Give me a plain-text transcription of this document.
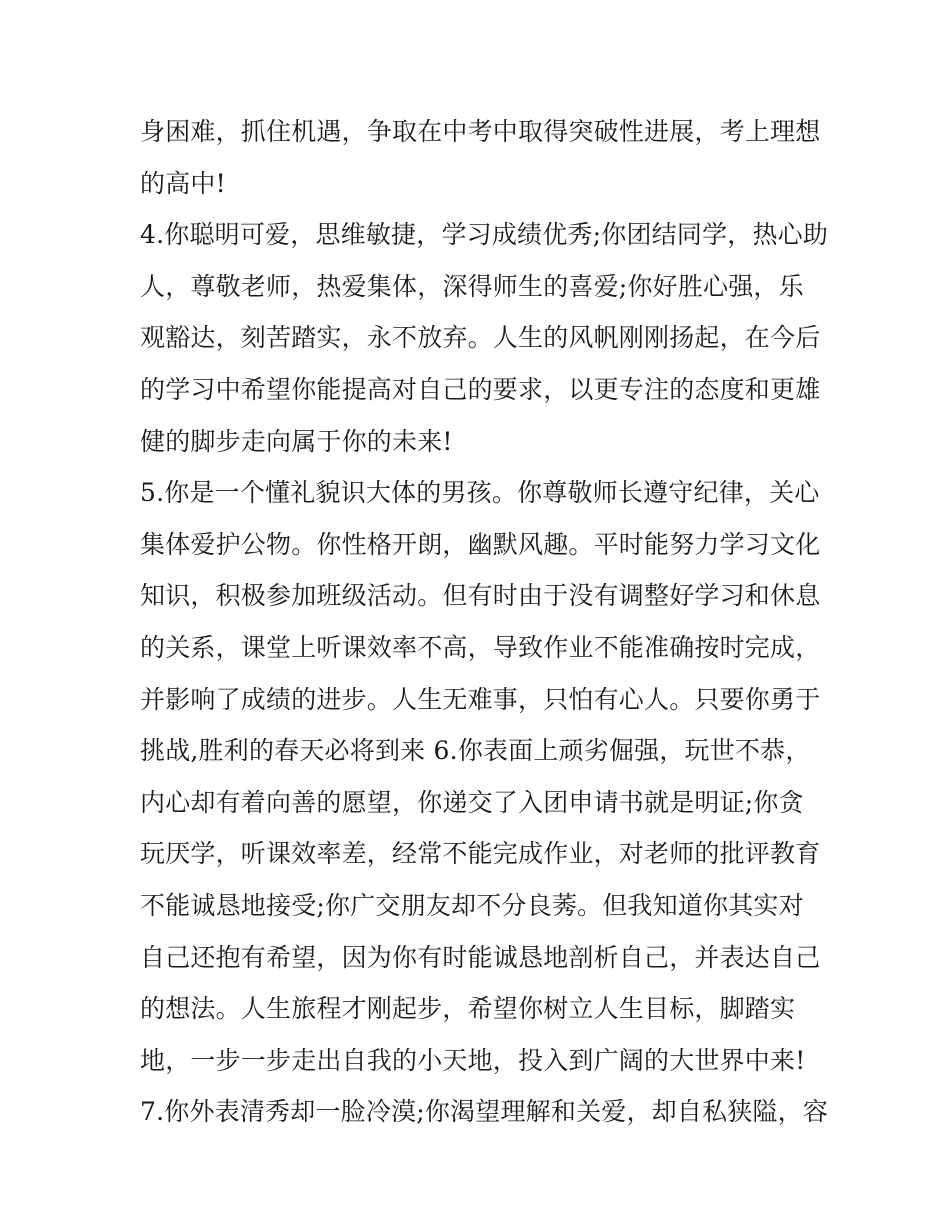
身困难，抓住机遇，争取在中考中取得突破性进展，考上理想
的高中!
4.你聪明可爱，思维敏捷，学习成绩优秀;你团结同学，热心助
人，尊敬老师，热爱集体，深得师生的喜爱;你好胜心强，乐
观豁达，刻苦踏实，永不放弃。人生的风帆刚刚扬起，在今后
的学习中希望你能提高对自己的要求，以更专注的态度和更雄
健的脚步走向属于你的未来!
5.你是一个懂礼貌识大体的男孩。你尊敬师长遵守纪律，关心
集体爱护公物。你性格开朗，幽默风趣。平时能努力学习文化
知识，积极参加班级活动。但有时由于没有调整好学习和休息
的关系，课堂上听课效率不高，导致作业不能准确按时完成，
并影响了成绩的进步。人生无难事，只怕有心人。只要你勇于
挑战,胜利的春天必将到来 6.你表面上顽劣倔强，玩世不恭，
内心却有着向善的愿望，你递交了入团申请书就是明证;你贪
玩厌学，听课效率差，经常不能完成作业，对老师的批评教育
不能诚恳地接受;你广交朋友却不分良莠。但我知道你其实对
自己还抱有希望，因为你有时能诚恳地剖析自己，并表达自己
的想法。人生旅程才刚起步，希望你树立人生目标，脚踏实
地，一步一步走出自我的小天地，投入到广阔的大世界中来!
7.你外表清秀却一脸冷漠;你渴望理解和关爱，却自私狭隘，容
